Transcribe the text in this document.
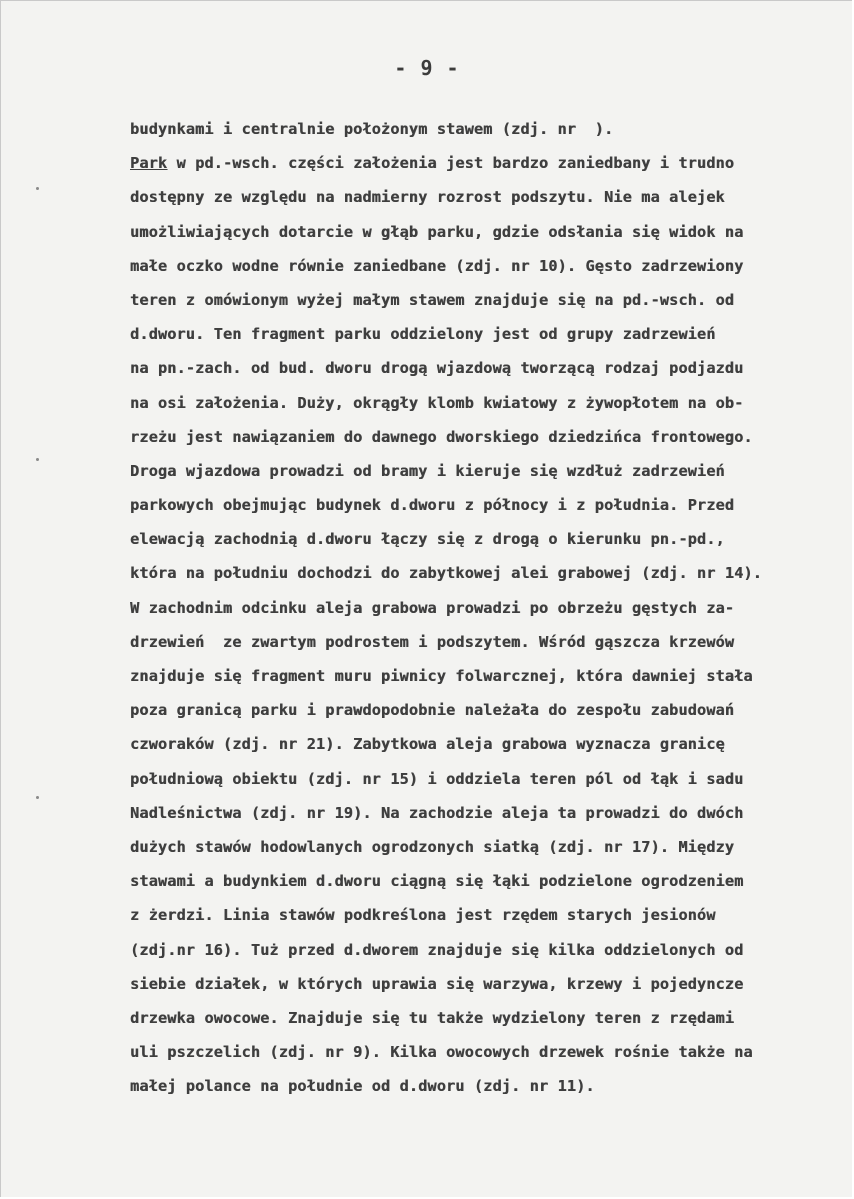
- 9 -
budynkami i centralnie położonym stawem (zdj. nr  ).
Park w pd.-wsch. części założenia jest bardzo zaniedbany i trudno
dostępny ze względu na nadmierny rozrost podszytu. Nie ma alejek
umożliwiających dotarcie w głąb parku, gdzie odsłania się widok na
małe oczko wodne równie zaniedbane (zdj. nr 10). Gęsto zadrzewiony
teren z omówionym wyżej małym stawem znajduje się na pd.-wsch. od
d.dworu. Ten fragment parku oddzielony jest od grupy zadrzewień
na pn.-zach. od bud. dworu drogą wjazdową tworzącą rodzaj podjazdu
na osi założenia. Duży, okrągły klomb kwiatowy z żywopłotem na ob-
rzeżu jest nawiązaniem do dawnego dworskiego dziedzińca frontowego.
Droga wjazdowa prowadzi od bramy i kieruje się wzdłuż zadrzewień
parkowych obejmując budynek d.dworu z północy i z południa. Przed
elewacją zachodnią d.dworu łączy się z drogą o kierunku pn.-pd.,
która na południu dochodzi do zabytkowej alei grabowej (zdj. nr 14).
W zachodnim odcinku aleja grabowa prowadzi po obrzeżu gęstych za-
drzewień  ze zwartym podrostem i podszytem. Wśród gąszcza krzewów
znajduje się fragment muru piwnicy folwarcznej, która dawniej stała
poza granicą parku i prawdopodobnie należała do zespołu zabudowań
czworaków (zdj. nr 21). Zabytkowa aleja grabowa wyznacza granicę
południową obiektu (zdj. nr 15) i oddziela teren pól od łąk i sadu
Nadleśnictwa (zdj. nr 19). Na zachodzie aleja ta prowadzi do dwóch
dużych stawów hodowlanych ogrodzonych siatką (zdj. nr 17). Między
stawami a budynkiem d.dworu ciągną się łąki podzielone ogrodzeniem
z żerdzi. Linia stawów podkreślona jest rzędem starych jesionów
(zdj.nr 16). Tuż przed d.dworem znajduje się kilka oddzielonych od
siebie działek, w których uprawia się warzywa, krzewy i pojedyncze
drzewka owocowe. Znajduje się tu także wydzielony teren z rzędami
uli pszczelich (zdj. nr 9). Kilka owocowych drzewek rośnie także na
małej polance na południe od d.dworu (zdj. nr 11).
